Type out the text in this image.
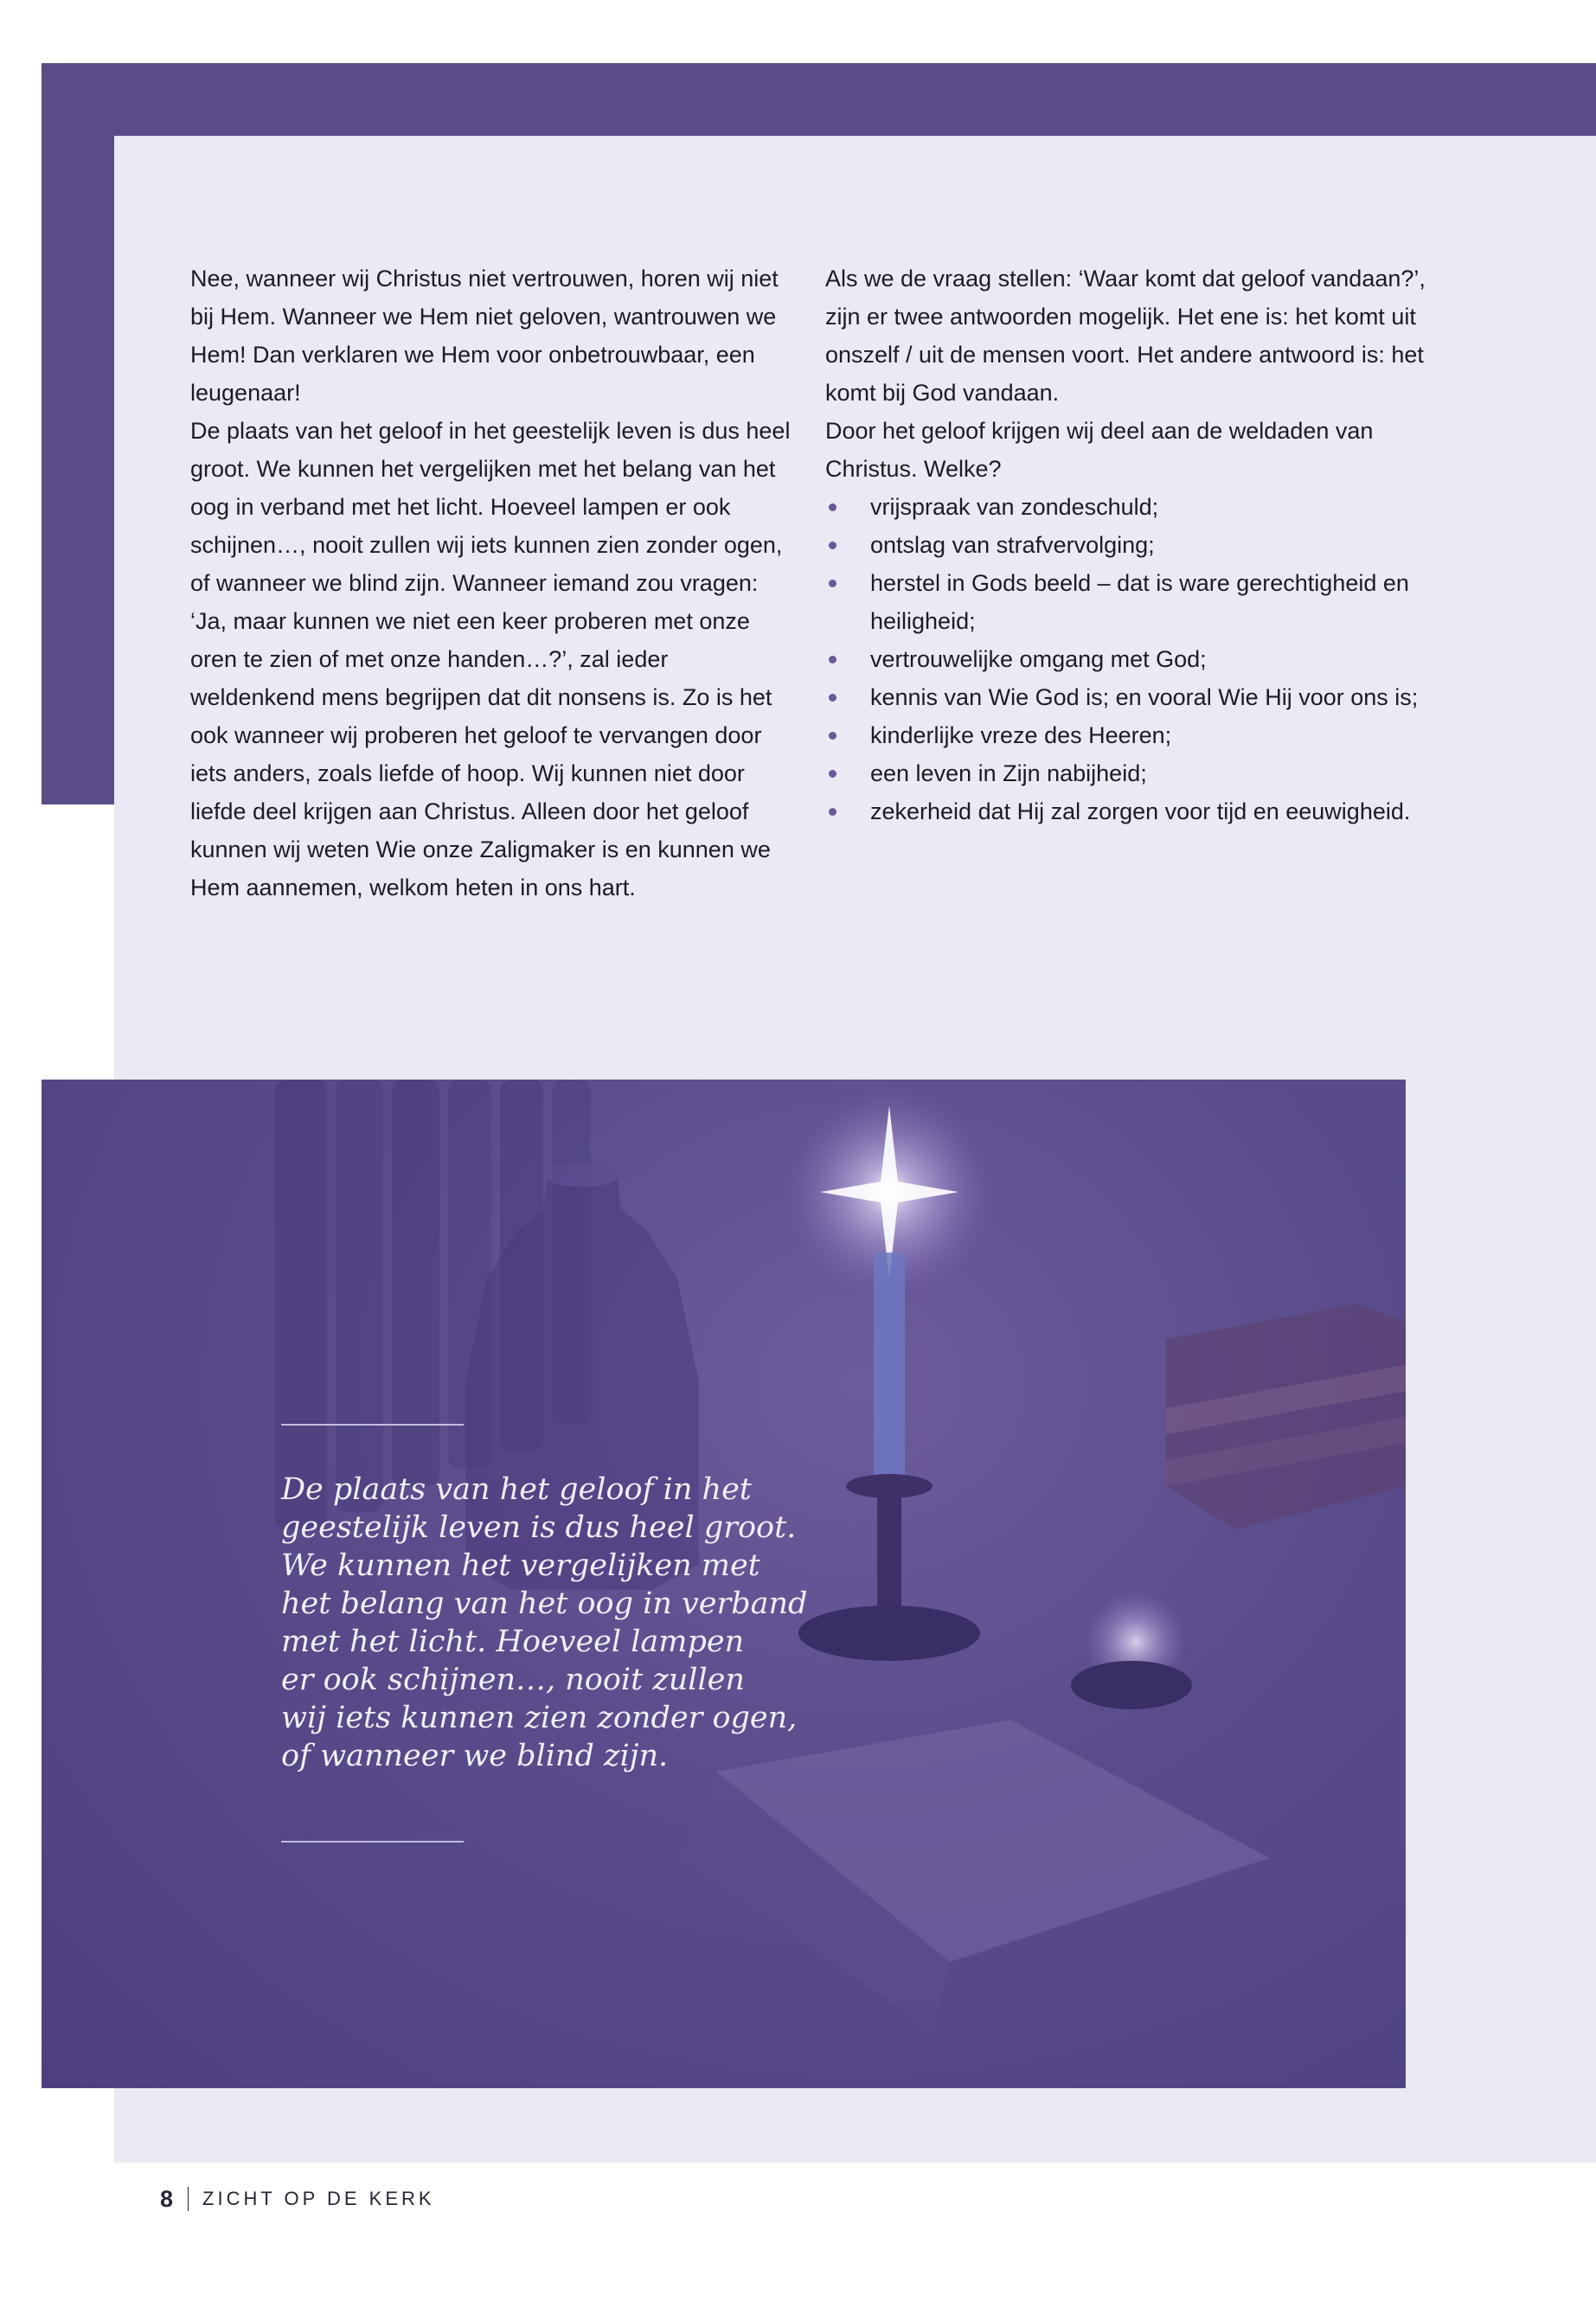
Nee, wanneer wij Christus niet vertrouwen, horen wij niet bij Hem. Wanneer we Hem niet geloven, wantrouwen we Hem! Dan verklaren we Hem voor onbetrouwbaar, een leugenaar!

De plaats van het geloof in het geestelijk leven is dus heel groot. We kunnen het vergelijken met het belang van het oog in verband met het licht. Hoeveel lampen er ook schijnen…, nooit zullen wij iets kunnen zien zonder ogen, of wanneer we blind zijn. Wanneer iemand zou vragen: ‘Ja, maar kunnen we niet een keer proberen met onze oren te zien of met onze handen…?’, zal ieder weldenkend mens begrijpen dat dit nonsens is. Zo is het ook wanneer wij proberen het geloof te vervangen door iets anders, zoals liefde of hoop. Wij kunnen niet door liefde deel krijgen aan Christus. Alleen door het geloof kunnen wij weten Wie onze Zaligmaker is en kunnen we Hem aannemen, welkom heten in ons hart.

Als we de vraag stellen: ‘Waar komt dat geloof vandaan?’, zijn er twee antwoorden mogelijk. Het ene is: het komt uit onszelf / uit de mensen voort. Het andere antwoord is: het komt bij God vandaan.

Door het geloof krijgen wij deel aan de weldaden van Christus. Welke?

vrijspraak van zondeschuld;
ontslag van strafvervolging;
herstel in Gods beeld – dat is ware gerechtigheid en heiligheid;
vertrouwelijke omgang met God;
kennis van Wie God is; en vooral Wie Hij voor ons is;
kinderlijke vreze des Heeren;
een leven in Zijn nabijheid;
zekerheid dat Hij zal zorgen voor tijd en eeuwigheid.
De plaats van het geloof in het
geestelijk leven is dus heel groot.
We kunnen het vergelijken met
het belang van het oog in verband
met het licht. Hoeveel lampen
er ook schijnen…, nooit zullen
wij iets kunnen zien zonder ogen,
of wanneer we blind zijn.
8 ZICHT OP DE KERK
